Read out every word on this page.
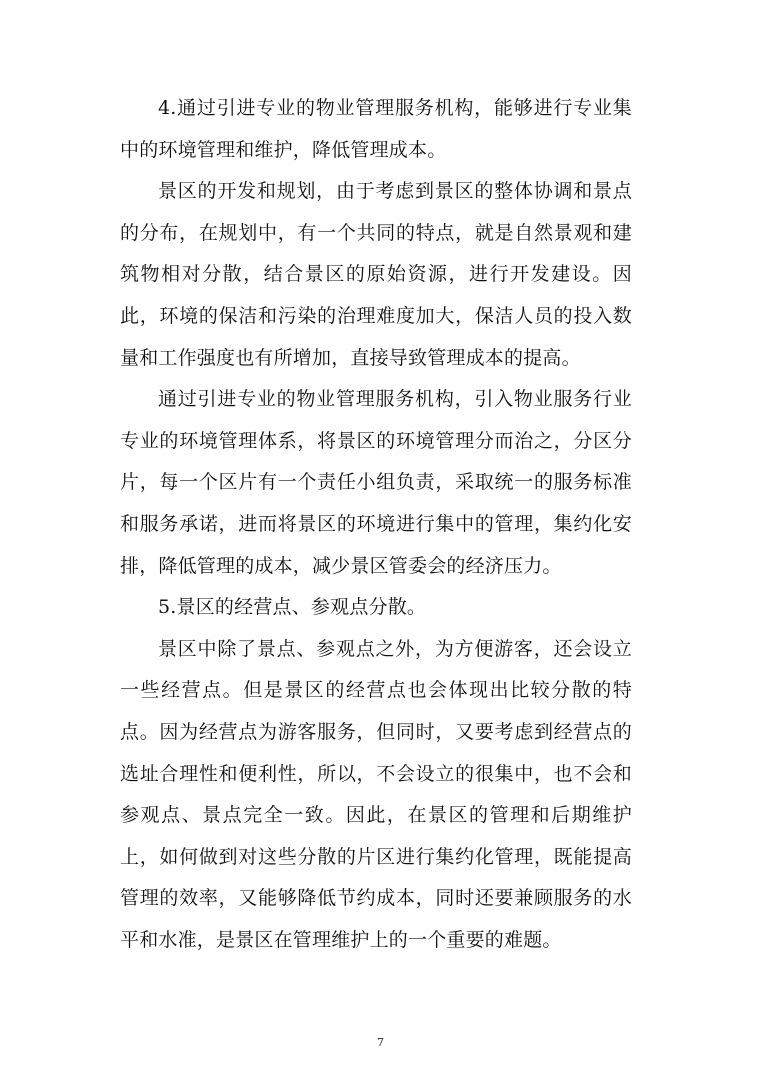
4.通过引进专业的物业管理服务机构，能够进行专业集中的环境管理和维护，降低管理成本。

景区的开发和规划，由于考虑到景区的整体协调和景点的分布，在规划中，有一个共同的特点，就是自然景观和建筑物相对分散，结合景区的原始资源，进行开发建设。因此，环境的保洁和污染的治理难度加大，保洁人员的投入数量和工作强度也有所增加，直接导致管理成本的提高。

通过引进专业的物业管理服务机构，引入物业服务行业专业的环境管理体系，将景区的环境管理分而治之，分区分片，每一个区片有一个责任小组负责，采取统一的服务标准和服务承诺，进而将景区的环境进行集中的管理，集约化安排，降低管理的成本，减少景区管委会的经济压力。

5.景区的经营点、参观点分散。

景区中除了景点、参观点之外，为方便游客，还会设立一些经营点。但是景区的经营点也会体现出比较分散的特点。因为经营点为游客服务，但同时，又要考虑到经营点的选址合理性和便利性，所以，不会设立的很集中，也不会和参观点、景点完全一致。因此，在景区的管理和后期维护上，如何做到对这些分散的片区进行集约化管理，既能提高管理的效率，又能够降低节约成本，同时还要兼顾服务的水平和水准，是景区在管理维护上的一个重要的难题。

7
